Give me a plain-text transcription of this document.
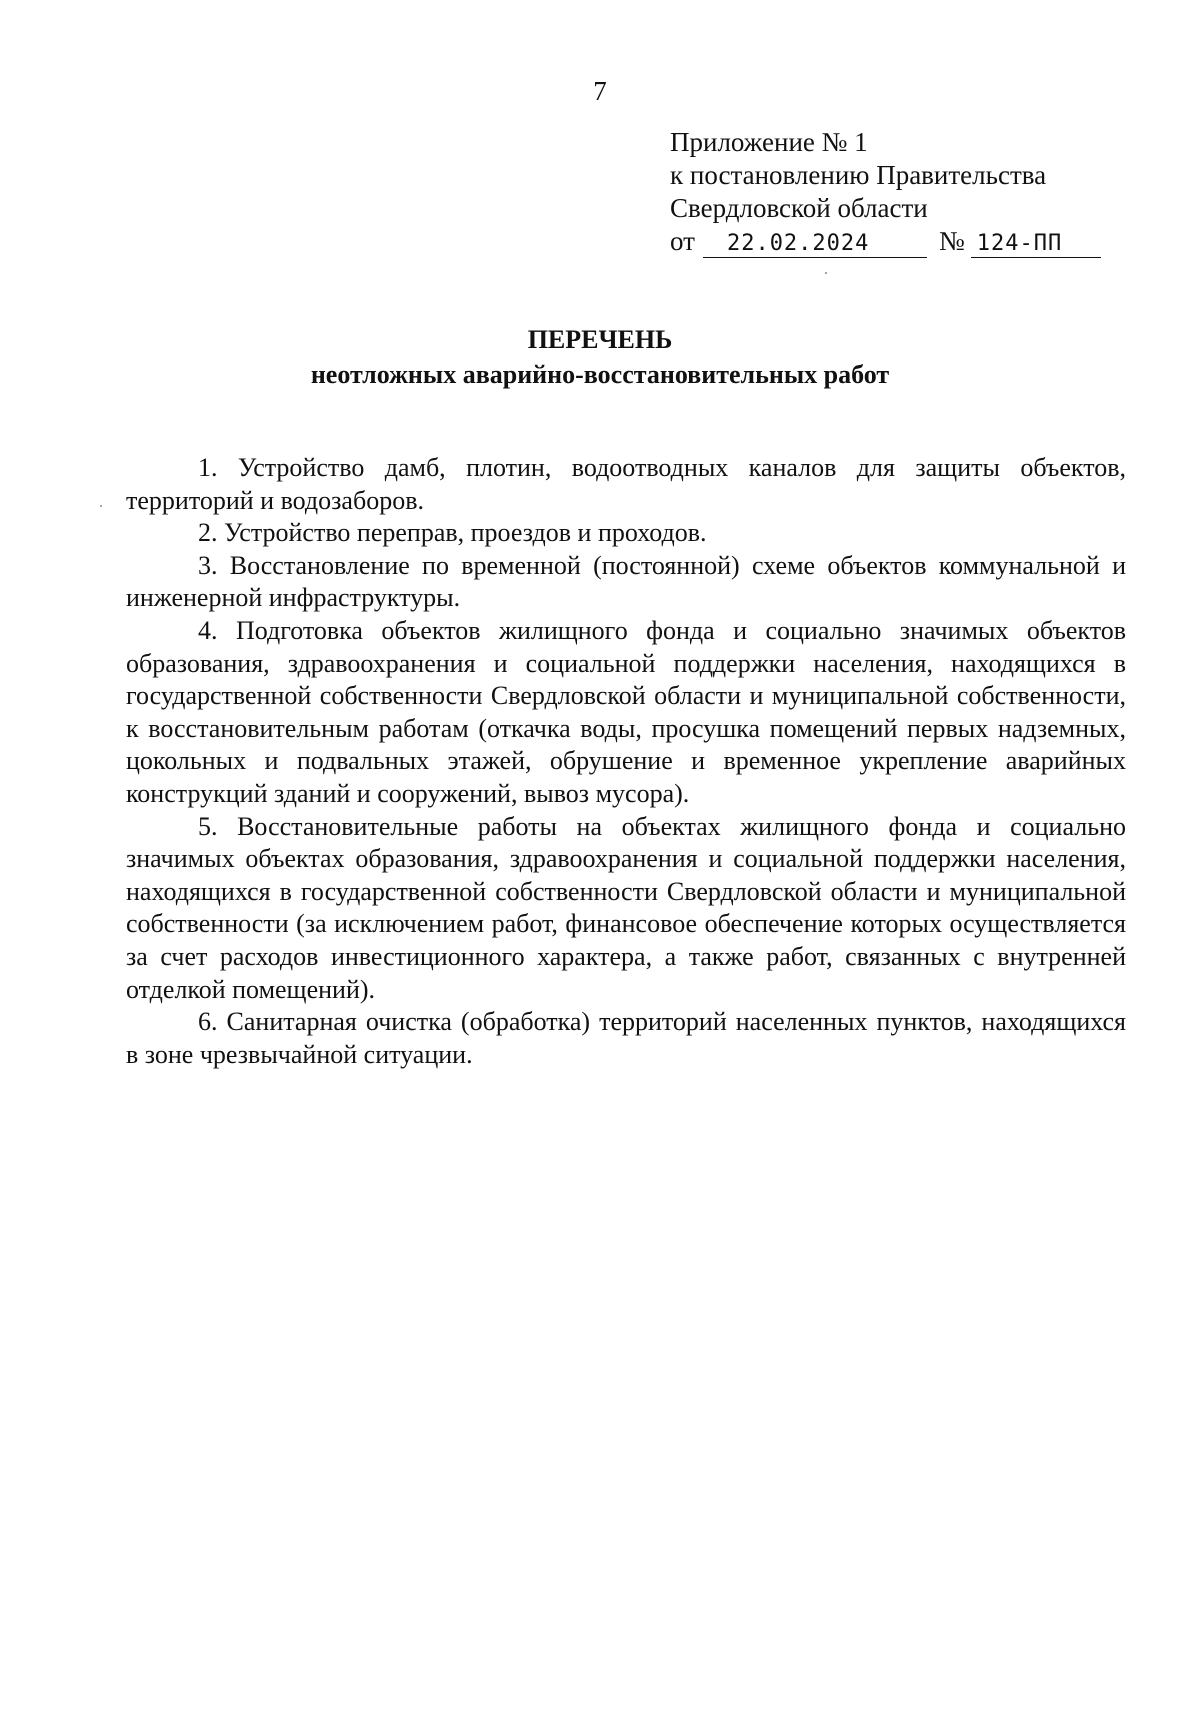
7
Приложение № 1
к постановлению Правительства
Свердловской области
от 22.02.2024	№ 124-ПП
ПЕРЕЧЕНЬ
неотложных аварийно-восстановительных работ

1. Устройство дамб, плотин, водоотводных каналов для защиты объектов, территорий и водозаборов.

2. Устройство переправ, проездов и проходов.

3. Восстановление по временной (постоянной) схеме объектов коммунальной и инженерной инфраструктуры.

4. Подготовка объектов жилищного фонда и социально значимых объектов образования, здравоохранения и социальной поддержки населения, находящихся в государственной собственности Свердловской области и муниципальной собственности, к восстановительным работам (откачка воды, просушка помещений первых надземных, цокольных и подвальных этажей, обрушение и временное укрепление аварийных конструкций зданий и сооружений, вывоз мусора).

5. Восстановительные работы на объектах жилищного фонда и социально значимых объектах образования, здравоохранения и социальной поддержки населения, находящихся в государственной собственности Свердловской области и муниципальной собственности (за исключением работ, финансовое обеспечение которых осуществляется за счет расходов инвестиционного характера, а также работ, связанных с внутренней отделкой помещений).

6. Санитарная очистка (обработка) территорий населенных пунктов, находящихся в зоне чрезвычайной ситуации.
